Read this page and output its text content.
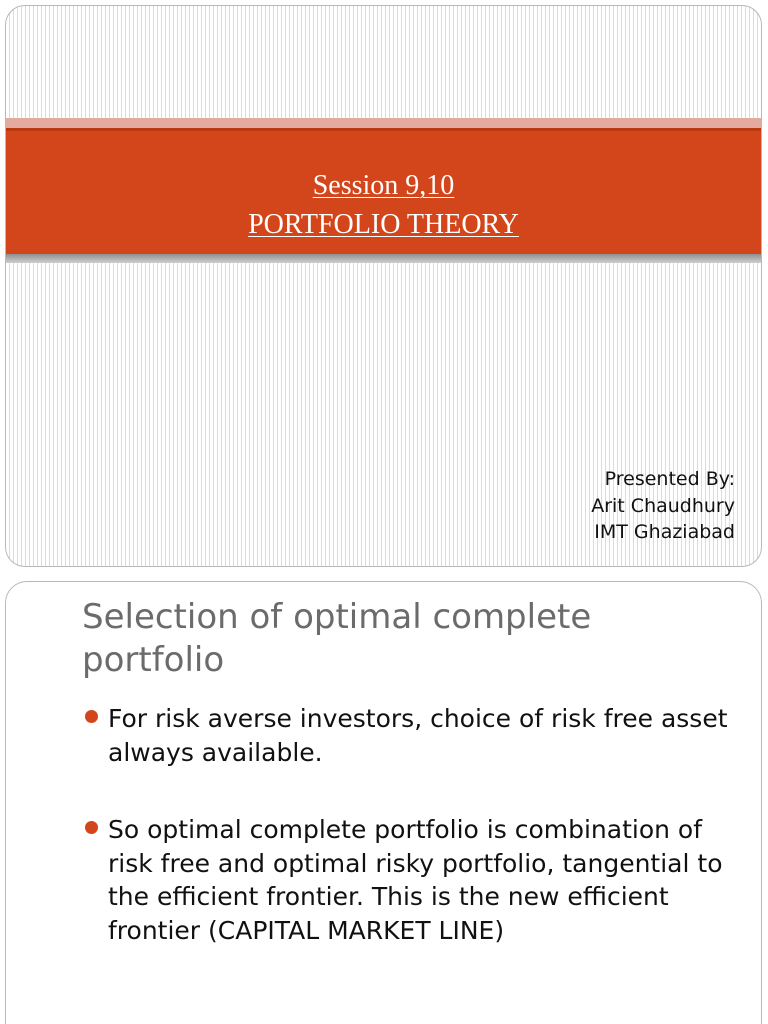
Session 9,10
PORTFOLIO THEORY
Presented By:
Arit Chaudhury
IMT Ghaziabad
Selection of optimal complete portfolio
For risk averse investors, choice of risk free asset always available.
So optimal complete portfolio is combination of risk free and optimal risky portfolio, tangential to the efficient frontier. This is the new efficient frontier (CAPITAL MARKET LINE)
